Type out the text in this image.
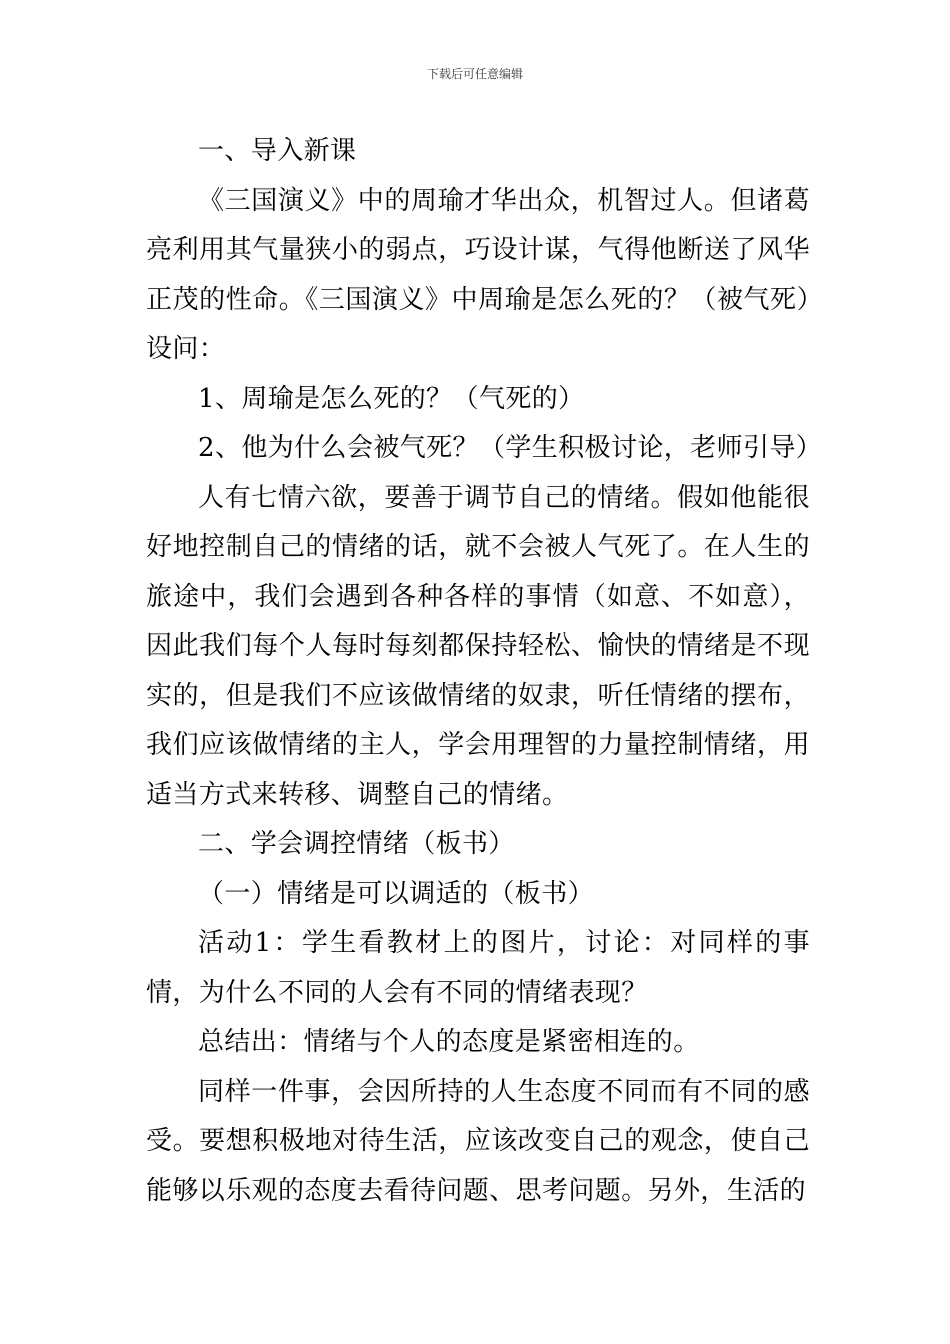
下载后可任意编辑

一、导入新课

《三国演义》中的周瑜才华出众，机智过人。但诸葛亮利用其气量狭小的弱点，巧设计谋，气得他断送了风华正茂的性命。《三国演义》中周瑜是怎么死的？（被气死）设问：

1、周瑜是怎么死的？（气死的）

2、他为什么会被气死？（学生积极讨论，老师引导）

人有七情六欲，要善于调节自己的情绪。假如他能很好地控制自己的情绪的话，就不会被人气死了。在人生的旅途中，我们会遇到各种各样的事情（如意、不如意），因此我们每个人每时每刻都保持轻松、愉快的情绪是不现实的，但是我们不应该做情绪的奴隶，听任情绪的摆布，我们应该做情绪的主人，学会用理智的力量控制情绪，用适当方式来转移、调整自己的情绪。

二、学会调控情绪（板书）

（一）情绪是可以调适的（板书）

活动1：学生看教材上的图片，讨论：对同样的事情，为什么不同的人会有不同的情绪表现？

总结出：情绪与个人的态度是紧密相连的。

同样一件事，会因所持的人生态度不同而有不同的感受。要想积极地对待生活，应该改变自己的观念，使自己能够以乐观的态度去看待问题、思考问题。另外，生活的
